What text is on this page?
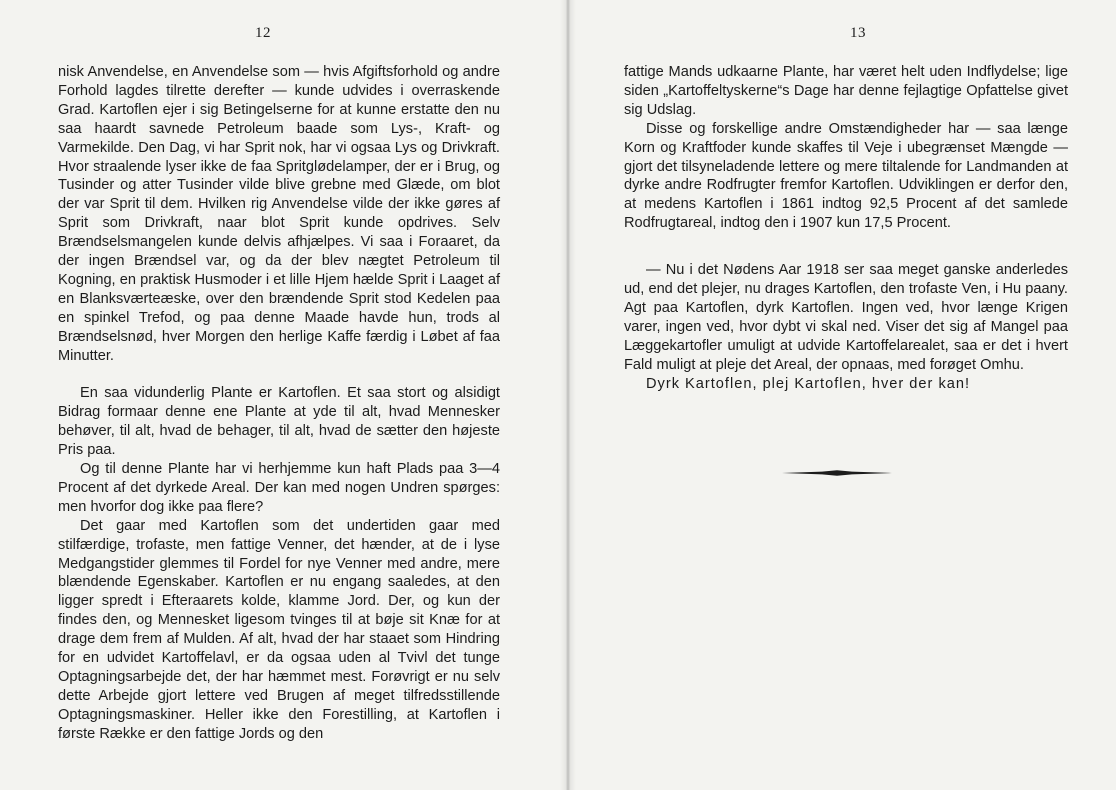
12

nisk Anvendelse, en Anvendelse som — hvis Afgiftsforhold og andre Forhold lagdes tilrette derefter — kunde udvides i overraskende Grad. Kartoflen ejer i sig Betingelserne for at kunne erstatte den nu saa haardt savnede Petroleum baade som Lys-, Kraft- og Varmekilde. Den Dag, vi har Sprit nok, har vi ogsaa Lys og Drivkraft. Hvor straalende lyser ikke de faa Spritglødelamper, der er i Brug, og Tusinder og atter Tusinder vilde blive grebne med Glæde, om blot der var Sprit til dem. Hvilken rig Anvendelse vilde der ikke gøres af Sprit som Drivkraft, naar blot Sprit kunde opdrives. Selv Brændselsmangelen kunde delvis afhjælpes. Vi saa i Foraaret, da der ingen Brændsel var, og da der blev nægtet Petroleum til Kogning, en praktisk Husmoder i et lille Hjem hælde Sprit i Laaget af en Blanksværteæske, over den brændende Sprit stod Kedelen paa en spinkel Trefod, og paa denne Maade havde hun, trods al Brændselsnød, hver Morgen den herlige Kaffe færdig i Løbet af faa Minutter.

En saa vidunderlig Plante er Kartoflen. Et saa stort og alsidigt Bidrag formaar denne ene Plante at yde til alt, hvad Mennesker behøver, til alt, hvad de behager, til alt, hvad de sætter den højeste Pris paa.

Og til denne Plante har vi herhjemme kun haft Plads paa 3—4 Procent af det dyrkede Areal. Der kan med nogen Undren spørges: men hvorfor dog ikke paa flere?

Det gaar med Kartoflen som det undertiden gaar med stilfærdige, trofaste, men fattige Venner, det hænder, at de i lyse Medgangstider glemmes til Fordel for nye Venner med andre, mere blændende Egenskaber. Kartoflen er nu engang saaledes, at den ligger spredt i Efteraarets kolde, klamme Jord. Der, og kun der findes den, og Mennesket ligesom tvinges til at bøje sit Knæ for at drage dem frem af Mulden. Af alt, hvad der har staaet som Hindring for en udvidet Kartoffelavl, er da ogsaa uden al Tvivl det tunge Optagningsarbejde det, der har hæmmet mest. Forøvrigt er nu selv dette Arbejde gjort lettere ved Brugen af meget tilfredsstillende Optagningsmaskiner. Heller ikke den Forestilling, at Kartoflen i første Række er den fattige Jords og den

13

fattige Mands udkaarne Plante, har været helt uden Indflydelse; lige siden „Kartoffeltyskerne“s Dage har denne fejlagtige Opfattelse givet sig Udslag.

Disse og forskellige andre Omstændigheder har — saa længe Korn og Kraftfoder kunde skaffes til Veje i ubegrænset Mængde — gjort det tilsyneladende lettere og mere tiltalende for Landmanden at dyrke andre Rodfrugter fremfor Kartoflen. Udviklingen er derfor den, at medens Kartoflen i 1861 indtog 92,5 Procent af det samlede Rodfrugtareal, indtog den i 1907 kun 17,5 Procent.

— Nu i det Nødens Aar 1918 ser saa meget ganske anderledes ud, end det plejer, nu drages Kartoflen, den trofaste Ven, i Hu paany. Agt paa Kartoflen, dyrk Kartoflen. Ingen ved, hvor længe Krigen varer, ingen ved, hvor dybt vi skal ned. Viser det sig af Mangel paa Læggekartofler umuligt at udvide Kartoffelarealet, saa er det i hvert Fald muligt at pleje det Areal, der opnaas, med forøget Omhu.

Dyrk Kartoflen, plej Kartoflen, hver der kan!
